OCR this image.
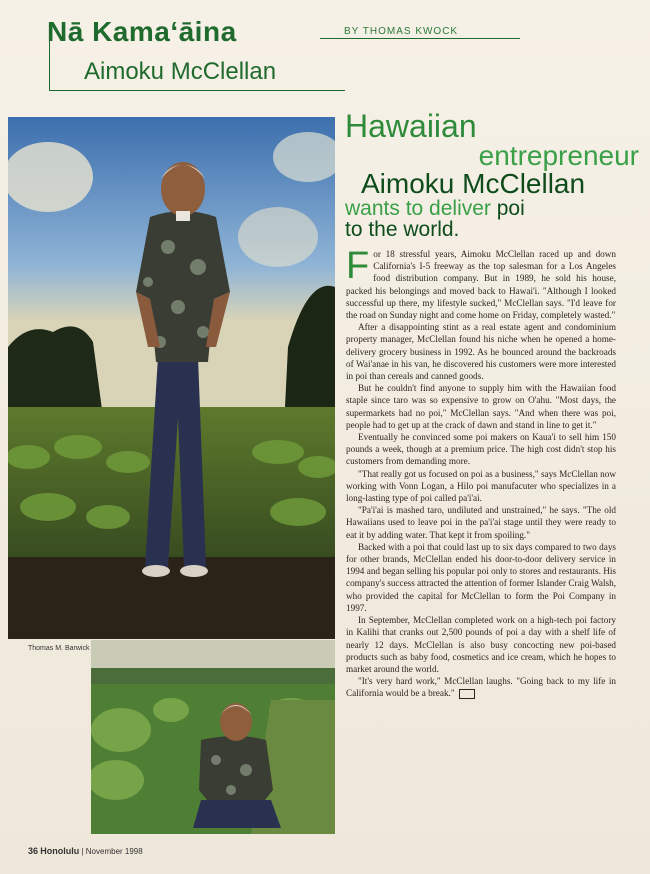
Nā Kama‘āina	BY THOMAS KWOCK
Aimoku McClellan
Thomas M. Barwick
Hawaiian
entrepreneur
Aimoku McClellan
wants to deliver poi
to the world.

For 18 stressful years, Aimoku McClellan raced up and down California's I-5 freeway as the top salesman for a Los Angeles food distribution company. But in 1989, he sold his house, packed his belongings and moved back to Hawai'i. "Although I looked successful up there, my lifestyle sucked," McClellan says. "I'd leave for the road on Sunday night and come home on Friday, completely wasted."

After a disappointing stint as a real estate agent and condominium property manager, McClellan found his niche when he opened a home-delivery grocery business in 1992. As he bounced around the backroads of Wai'anae in his van, he discovered his customers were more interested in poi than cereals and canned goods.

But he couldn't find anyone to supply him with the Hawaiian food staple since taro was so expensive to grow on O'ahu. "Most days, the supermarkets had no poi," McClellan says. "And when there was poi, people had to get up at the crack of dawn and stand in line to get it."

Eventually he convinced some poi makers on Kaua'i to sell him 150 pounds a week, though at a premium price. The high cost didn't stop his customers from demanding more.

"That really got us focused on poi as a business," says McClellan now working with Vonn Logan, a Hilo poi manufacuter who specializes in a long-lasting type of poi called pa'i'ai.

"Pa'i'ai is mashed taro, undiluted and unstrained," he says. "The old Hawaiians used to leave poi in the pa'i'ai stage until they were ready to eat it by adding water. That kept it from spoiling."

Backed with a poi that could last up to six days compared to two days for other brands, McClellan ended his door-to-door delivery service in 1994 and began selling his popular poi only to stores and restaurants. His company's success attracted the attention of former Islander Craig Walsh, who provided the capital for McClellan to form the Poi Company in 1997.

In September, McClellan completed work on a high-tech poi factory in Kalihi that cranks out 2,500 pounds of poi a day with a shelf life of nearly 12 days. McClellan is also busy concocting new poi-based products such as baby food, cosmetics and ice cream, which he hopes to market around the world.

"It's very hard work," McClellan laughs. "Going back to my life in California would be a break."

36 Honolulu | November 1998
